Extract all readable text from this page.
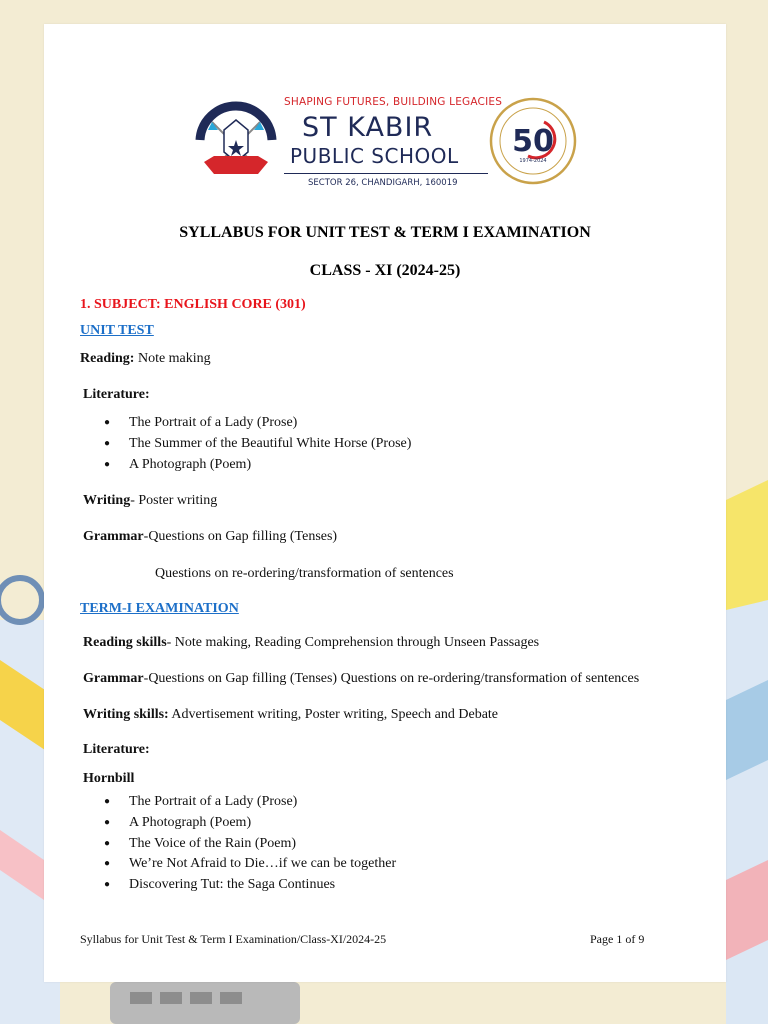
SHAPING FUTURES, BUILDING LEGACIES
ST KABIR
PUBLIC SCHOOL
SECTOR 26, CHANDIGARH, 160019
50
1974-2024
SYLLABUS FOR UNIT TEST & TERM I EXAMINATION
CLASS - XI (2024-25)
1. SUBJECT: ENGLISH CORE (301)
UNIT TEST
Reading: Note making
Literature:
● The Portrait of a Lady (Prose)
● The Summer of the Beautiful White Horse (Prose)
● A Photograph (Poem)
Writing- Poster writing
Grammar-Questions on Gap filling (Tenses)
Questions on re-ordering/transformation of sentences
TERM-I EXAMINATION
Reading skills- Note making, Reading Comprehension through Unseen Passages
Grammar-Questions on Gap filling (Tenses) Questions on re-ordering/transformation of sentences
Writing skills: Advertisement writing, Poster writing, Speech and Debate
Literature:
Hornbill
● The Portrait of a Lady (Prose)
● A Photograph (Poem)
● The Voice of the Rain (Poem)
● We’re Not Afraid to Die…if we can be together
● Discovering Tut: the Saga Continues
Syllabus for Unit Test & Term I Examination/Class-XI/2024-25	Page 1 of 9
